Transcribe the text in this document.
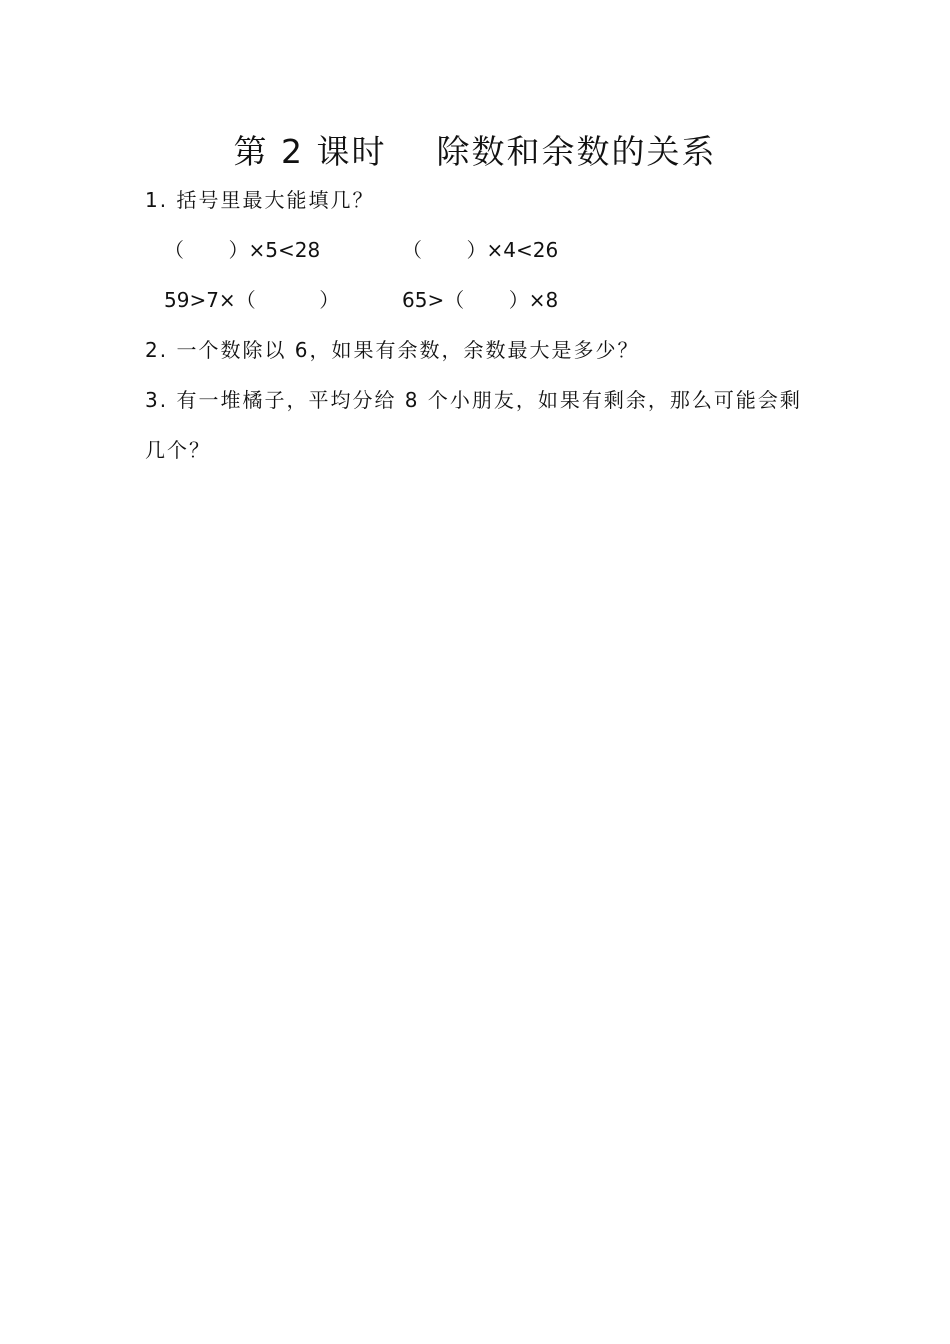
第 2 课时    除数和余数的关系
1. 括号里最大能填几？
（       ）×5<28	（       ）×4<26
59>7×（          ）	65>（       ）×8
2. 一个数除以 6，如果有余数，余数最大是多少？
3. 有一堆橘子，平均分给 8 个小朋友，如果有剩余，那么可能会剩
几个？
